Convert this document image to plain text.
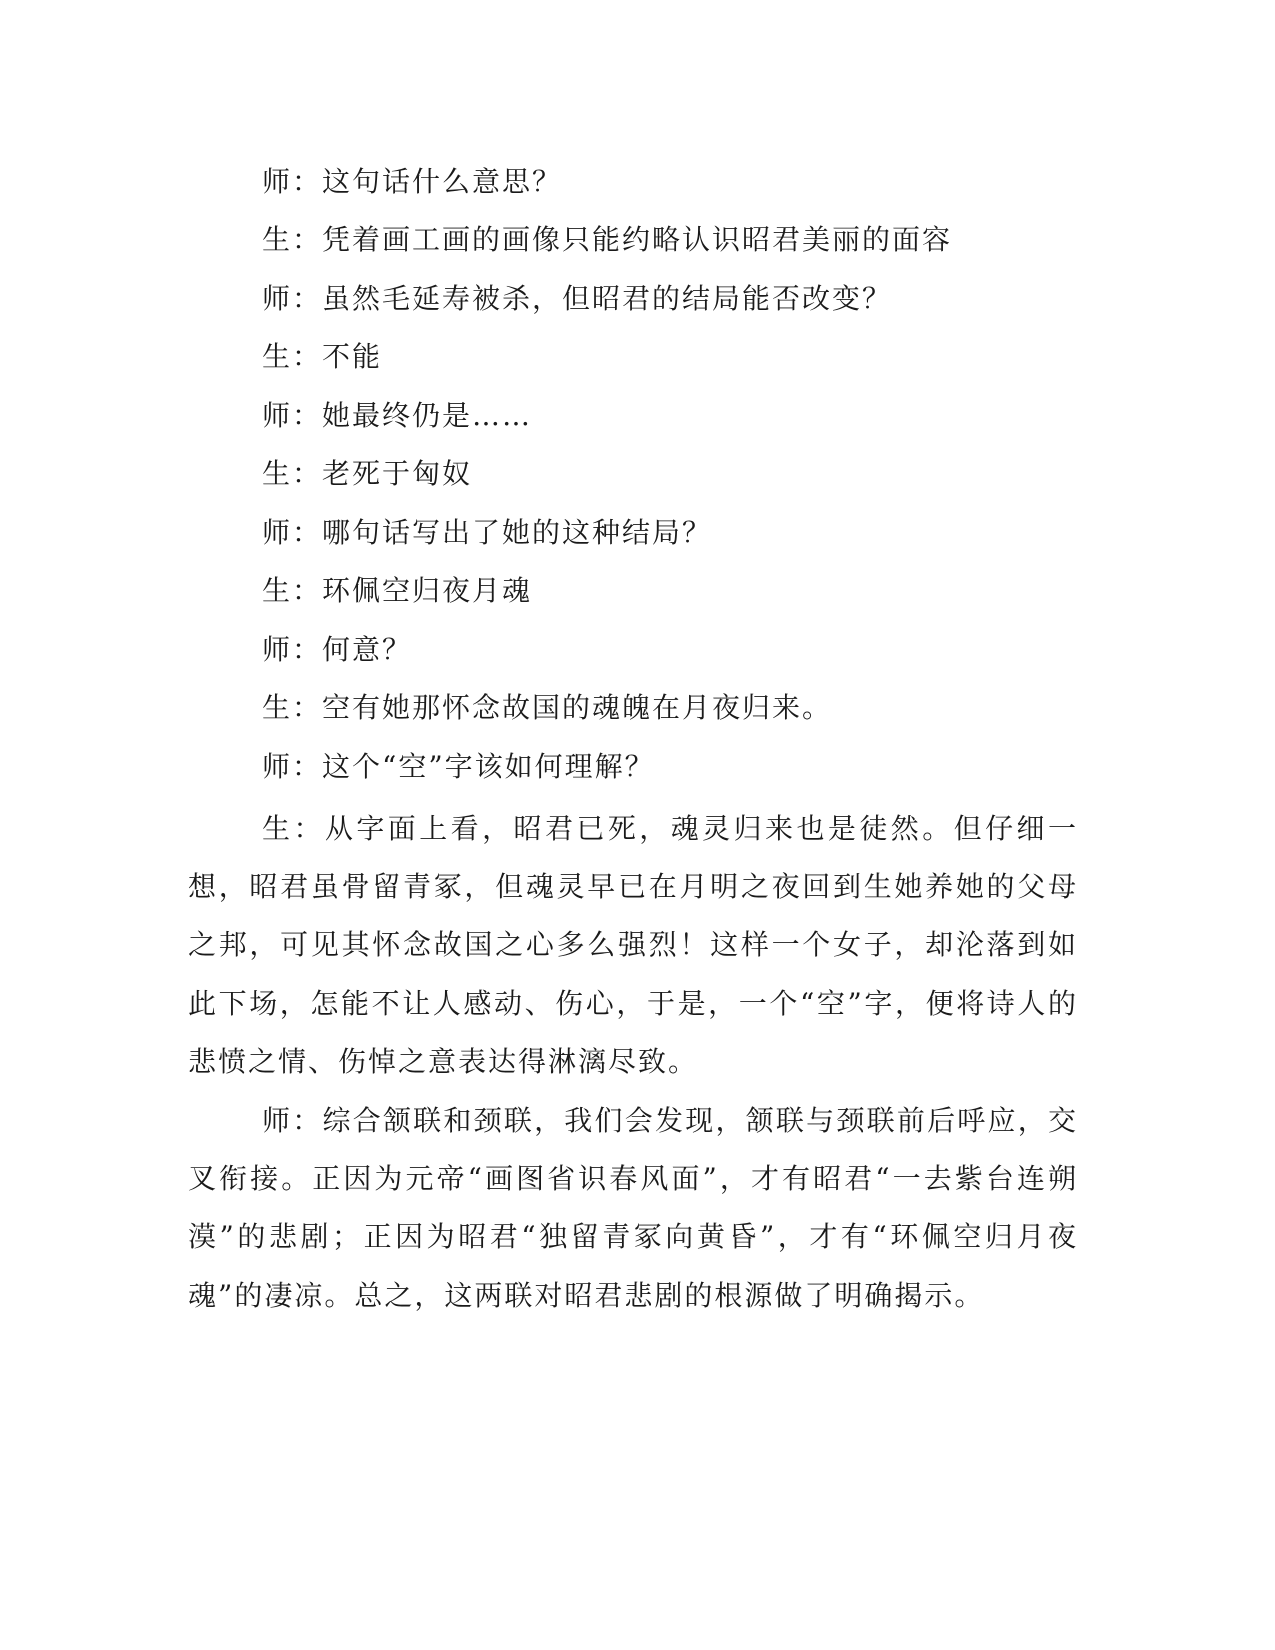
师：这句话什么意思？
生：凭着画工画的画像只能约略认识昭君美丽的面容
师：虽然毛延寿被杀，但昭君的结局能否改变？
生：不能
师：她最终仍是……
生：老死于匈奴
师：哪句话写出了她的这种结局？
生：环佩空归夜月魂
师：何意？
生：空有她那怀念故国的魂魄在月夜归来。
师：这个“空”字该如何理解？

生：从字面上看，昭君已死，魂灵归来也是徒然。但仔细一想，昭君虽骨留青冢，但魂灵早已在月明之夜回到生她养她的父母之邦，可见其怀念故国之心多么强烈！这样一个女子，却沦落到如此下场，怎能不让人感动、伤心，于是，一个“空”字，便将诗人的悲愤之情、伤悼之意表达得淋漓尽致。

师：综合颔联和颈联，我们会发现，颔联与颈联前后呼应，交叉衔接。正因为元帝“画图省识春风面”，才有昭君“一去紫台连朔漠”的悲剧；正因为昭君“独留青冢向黄昏”，才有“环佩空归月夜魂”的凄凉。总之，这两联对昭君悲剧的根源做了明确揭示。
